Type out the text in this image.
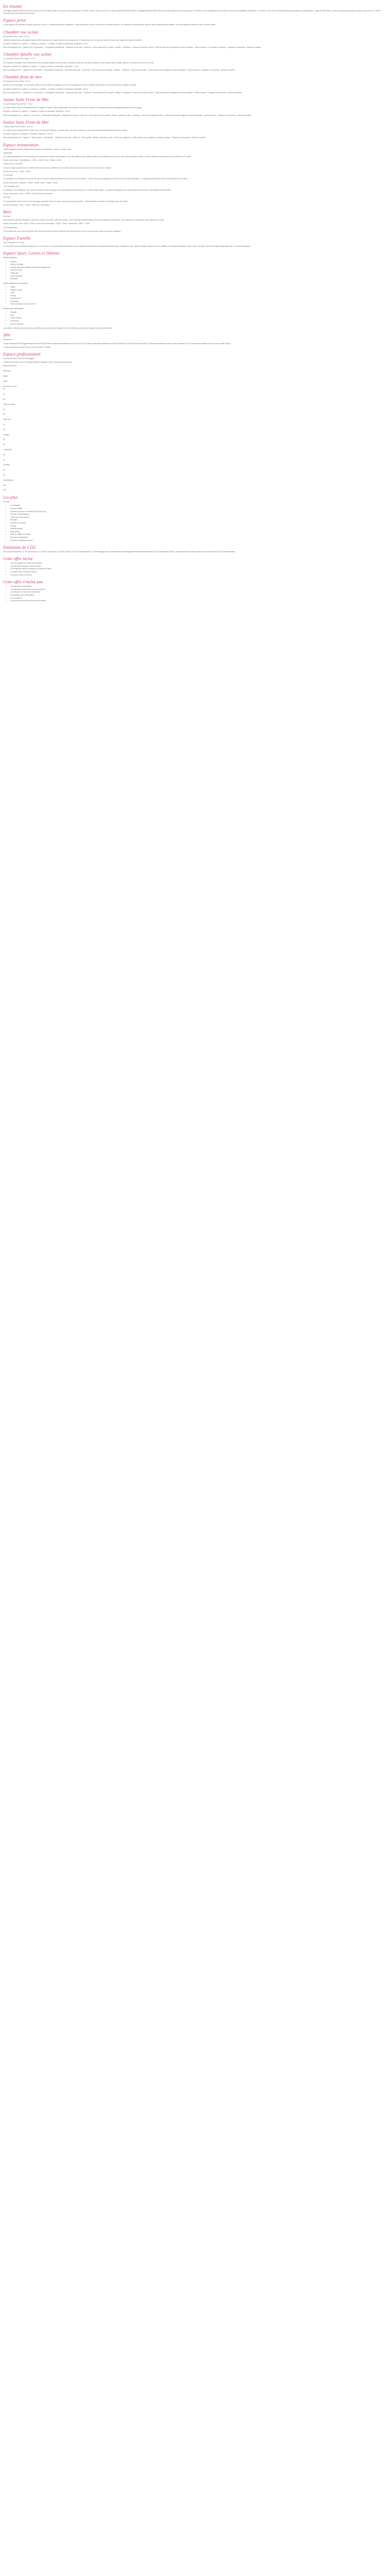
En résumé

L'Outrigger Mauritius Beach Resort est situé au bord de l'océan Indien, le long des côtes escarpées de l'Océan Indien. Niché au cœur de la réserve naturelle de Bel Ombre, l'Outrigger Mauritius Beach Resort rencontre également tout le plaisir de l'île Maurice à prix imbattables de réservation et toutes les installations modernes. Le complexe vous offre une ambiance et des prestations exceptionnelles : plage de sable blanc, service de majordome, piscine tropicale, spa luxueux et cuisine internationale à proximité de l'île Maurice.

Espace privé

L'hôtel dispose de chambres et suites luxueuses à la fois ; comprenant diverses catégories. Toutes offrent des vues sur l'océan ou sur le jardin tropical. Les chambres ont été pensées dans un style contemporain et élégant, avec des matériaux naturels et des couleurs locales.

Chambre vue océan

85 Chambres Vue Océan - 60 m2

Chambres spacieuses avec grandes baies vitrées donnant sur le lagon, balcon ou terrasse privée. 2 lits jumeaux ou 1 lit king size, salle de bains avec baignoire et douche séparée.

Accueille 3 adultes ou 2 adultes + 1 enfant ou 2 adultes + 2 enfants. Lit bébé sur demande. Superficie : 60 m2.

Elles sont équipées de : 1 grand lit ou 2 lits jumeaux - Climatisation individuelle - Télévision écran plat - Coffre-fort - Accès internet Wi-Fi gratuit - Minibar - Téléphone - Service de chambre 24h/24 - Salle de bains avec baignoire et douche séparée - Sèche-cheveux - Fer et table à repasser - Peignoirs et chaussons - Articles de toilette.

Chambre famille vue océan

12 Chambres Famille Vue Océan - 74 m2

Ces chambres familiales sont composées de deux espaces séparés par une porte coulissante, dont une chambre principale et une chambre pour enfants. Balcon ou terrasse avec vue sur l'océan.

Accueille 2 adultes et 2 enfants ou 3 adultes + 1 enfant. Lit bébé sur demande. Superficie : 74 m2.

Elles sont équipées de : 1 grand lit et 2 lits simples - Climatisation individuelle - Télévision écran plat - Coffre-fort - Accès internet Wi-Fi gratuit - Minibar - Téléphone - Service de chambre - Salle de bains avec baignoire et douche séparée - Sèche-cheveux - Peignoirs et chaussons - Articles de toilette.

Chambre front de mer

13 Chambres Front de Mer - 60 m2

Situées en bord de plage, ces chambres offrent un accès direct à la plage et une vue imprenable sur le lagon. Grandes baies vitrées, terrasse privée avec mobilier de jardin.

Accueille 3 adultes ou 2 adultes + 1 enfant ou 2 adultes + 2 enfants. Lit bébé sur demande. Superficie : 60 m2.

Elles sont équipées de : 1 grand lit ou 2 lits jumeaux - Climatisation individuelle - Télévision écran plat - Coffre-fort - Accès internet Wi-Fi gratuit - Minibar - Téléphone - Service de chambre 24h/24 - Salle de bains avec baignoire et douche séparée - Sèche-cheveux - Peignoirs et chaussons - Articles de toilette.

Junior Suite Front de Mer

10 Junior Suites Front de Mer - 78 m2

Les suites offrent une vue exceptionnelle sur le lagon et l'océan. Elles comprennent une chambre, un coin salon séparé et une grande terrasse aménagée directement sur la plage.

Accueille 3 adultes ou 2 adultes + 2 enfants. Lit bébé sur demande. Superficie : 78 m2.

Elles sont équipées de : 1 grand lit - Coin salon - Climatisation individuelle - Télévision écran plat - Coffre-fort - Accès internet Wi-Fi gratuit - Minibar - Machine à café - Téléphone - Service de chambre 24h/24 - Salle de bains avec baignoire et douche séparée - Sèche-cheveux - Peignoirs et chaussons - Articles de toilette.

Senior Suite Front de Mer

2 Senior Suites Front de Mer - 130 m2

Les suites les plus spacieuses de l'hôtel, avec une chambre séparée, un grand salon, une salle à manger et une vaste terrasse donnant directement sur la plage.

Accueille 3 adultes ou 2 adultes + 2 enfants. Superficie : 130 m2.

Elles sont équipées de : 1 grand lit - Salon séparé - Climatisation - Télévision écran plat - Coffre-fort - Wi-Fi gratuit - Minibar - Machine à café - Service de majordome - Salle de bains avec baignoire et douche séparée - Peignoirs et chaussons - Articles de toilette.

Espace restauration

L'hôtel Outrigger Mauritius Beach Resort propose 5 restaurants, 3 bars et 1 salon à vins.

"Edgewater"

Un restaurant élégant au bord de la plage, qui propose une cuisine internationale et des spécialités locales. Buffets variés au petit-déjeuner et au dîner, avec show-cooking et soirées à thème. Ambiance décontractée et conviviale face à l'océan.

Heures d'ouverture : Petit-déjeuner : 07h00 - 10h30 / Dîner : 19h00 - 22h30

"Willy's Rum & Cane Bar"

Un bar de plage qui propose une sélection de rhums locaux, cocktails et en-cas légers. Ambiance musicale et coucher de soleil sur le lagon.

Heures d'ouverture : 10h00 - 00h00

"La Veranda"

La Veranda est un restaurant à la carte servant une cuisine méditerranéenne et des saveurs de l'île Maurice. Il offre une vue panoramique sur l'océan et une terrasse ombragée. Le restaurant accueille les clients pour le déjeuner et le dîner.

Heures d'ouverture : Déjeuner : 12h00 - 15h00 / Dîner : 19h00 - 22h00

"The Plantation Club"

Le restaurant The Plantation Club, situé à l'entrée de l'hôtel, propose une cuisine gastronomique créole et un cadre colonial raffiné. Les plats sont préparés avec des produits frais et locaux. Réservation recommandée.

Heures d'ouverture : Dîner : 19h00 - 22h30 (fermé le dimanche)

"Ka Crab"

Un restaurant de fruits de mer en bord de plage, spécialisé dans les crabes, homards et poissons grillés. Cadre intimiste et ambiance romantique sous les étoiles.

Heures d'ouverture : Dîner : 19h00 - 22h00 (sur réservation)

Bars

"Bar Bleu"

Situé près de la piscine principale, le Bar Bleu propose une carte variée de cocktails, vins et boissons rafraîchissantes dans une ambiance décontractée. Des spectacles et animations sont organisés en soirée.

Heures d'ouverture : Bar : 10h00 - 00h00 / Service de restauration : 12h00 - 23h00 / Pâtisseries : 15h00 - 17h00

"The Rockfish Bar"

The Rockfish Bar est un bar au bord de l'eau ouvert de 10h00 à minuit. Ambiance décontractée avec vue sur le coucher de soleil et les sports nautiques.

Espace Famille

Club enfant (de 3 à 12 ans)

Le Club Mini & Moi accueille les enfants de 3 à 12 ans dans un espace dédié avec piscine, jeux et activités encadrées par une équipe professionnelle. Programme varié : ateliers créatifs, chasse au trésor, initiation à la culture mauricienne, sports et jeux de plage. Service de baby-sitting disponible sur demande (payant).

Espace Sport, Loisirs et Détente

Activités gratuites :

• Piscines
• Accès à la plage
• Activités sportives quotidiennes (selon programme)
• Court de tennis
• Volley ball
• Tennis de table
• Pétanque

Sports nautiques non motorisés :

• Kayak
• Planche à voile
• Laser
• Pédalo
• Paddle board
• Snorkeling
• Sortie en bateau à fond de verre

Activités avec participation :

• Plongée
• Golf
• Pêche au gros
• Excursions
• Sortie en bateau

À proximité, l'hôtel permet aux clients de profiter du parcours de golf Heritage Golf Club (18 trous) avec navette gratuite et tarifs préférentiels.

SPA

"Navasana"

Le spa Navasana de l'Outrigger Mauritius Beach Resort offre une gamme complète de soins du corps et du visage, massages traditionnels et rituels inspirés de l'Asie et de l'océan Indien. Il dispose de cabines de soins, sauna, hammam et d'un espace de relaxation avec vue sur le jardin tropical.

Le spa Navasana est ouvert tous les jours de 09h00 à 20h00.

Espace professionnel

Évènements dans l'enceinte d'Outrigger

2 Salles de Réunion, lieu de réception extérieur, Mariages, Dîners de gala (sur demande)

Salle de Réunion
Dimension
Atelier
Quart
Dimension en m2
60
15
50
Salle de Classe
40
30
Salle en U
25
18
Théâtre
60
25
Conférence
30
24
Cocktail
60
25
Climatisation
Oui
Oui
Les plus

Services

• Conciergerie
• Service d'étage
• Service de bonne de chambre (2 fois par jour)
• Service de blanchisserie
• Coffre-fort à la réception
• Boutique
• Location de voitures
• Change
• Navette gratuite
• Baby-sitting
• Salle de coiffure et beauté
• Service de majordome
• Service de transfert aéroport
Émissions de CO2

Pour plus d'informations sur les émissions de CO2 liées à votre séjour, veuillez consulter le site de l'établissement. L'hôtel s'engage dans une démarche de développement durable et de réduction de son empreinte carbone, en partenariat avec des organismes locaux de protection de l'environnement.

Cette offre inclut
• Les vols réguliers en classe économique
• Les transferts aéroport / hôtel / aéroport
• L'hébergement dans la catégorie de chambre choisie
• Les repas selon la formule choisie
• Les taxes et frais de service
Cette offre n'inclut pas
• Les assurances facultatives
• Les dépenses personnelles et les pourboires
• Les boissons et repas non mentionnés
• Les activités avec participation
• Les excursions
• Les soins au spa et les frais de visa éventuels
